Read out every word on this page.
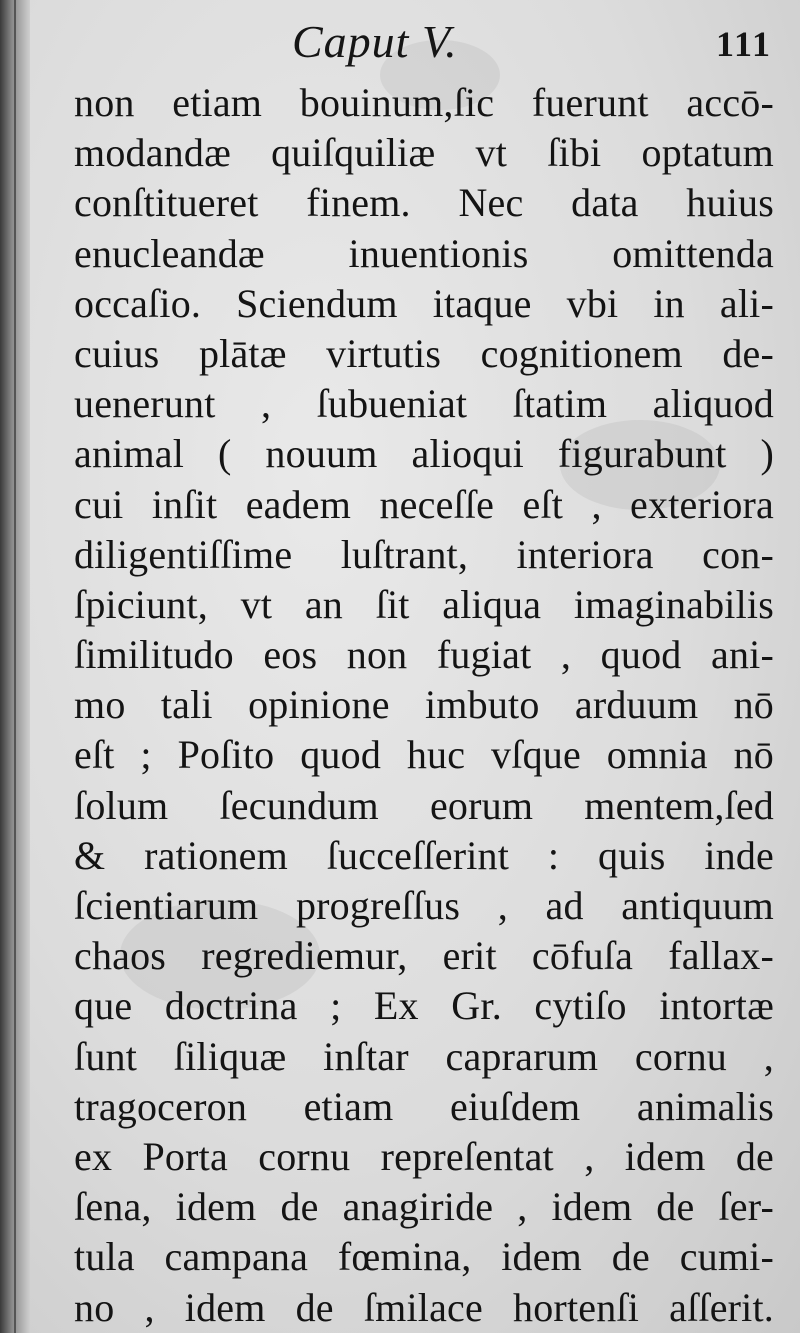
Caput V.	111
non etiam bouinum,ſic fuerunt accō-
modandæ quiſquiliæ vt ſibi optatum
conſtitueret finem. Nec data huius
enucleandæ inuentionis omittenda
occaſio. Sciendum itaque vbi in ali-
cuius plātæ virtutis cognitionem de-
uenerunt , ſubueniat ſtatim aliquod
animal ( nouum alioqui figurabunt )
cui inſit eadem neceſſe eſt , exteriora
diligentiſſime luſtrant, interiora con-
ſpiciunt, vt an ſit aliqua imaginabilis
ſimilitudo eos non fugiat , quod ani-
mo tali opinione imbuto arduum nō
eſt ; Poſito quod huc vſque omnia nō
ſolum ſecundum eorum mentem,ſed
& rationem ſucceſſerint : quis inde
ſcientiarum progreſſus , ad antiquum
chaos regrediemur, erit cōfuſa fallax-
que doctrina ; Ex Gr. cytiſo intortæ
ſunt ſiliquæ inſtar caprarum cornu ,
tragoceron etiam eiuſdem animalis
ex Porta cornu repreſentat , idem de
ſena, idem de anagiride , idem de ſer-
tula campana fœmina, idem de cumi-
no , idem de ſmilace hortenſi aſſerit.
